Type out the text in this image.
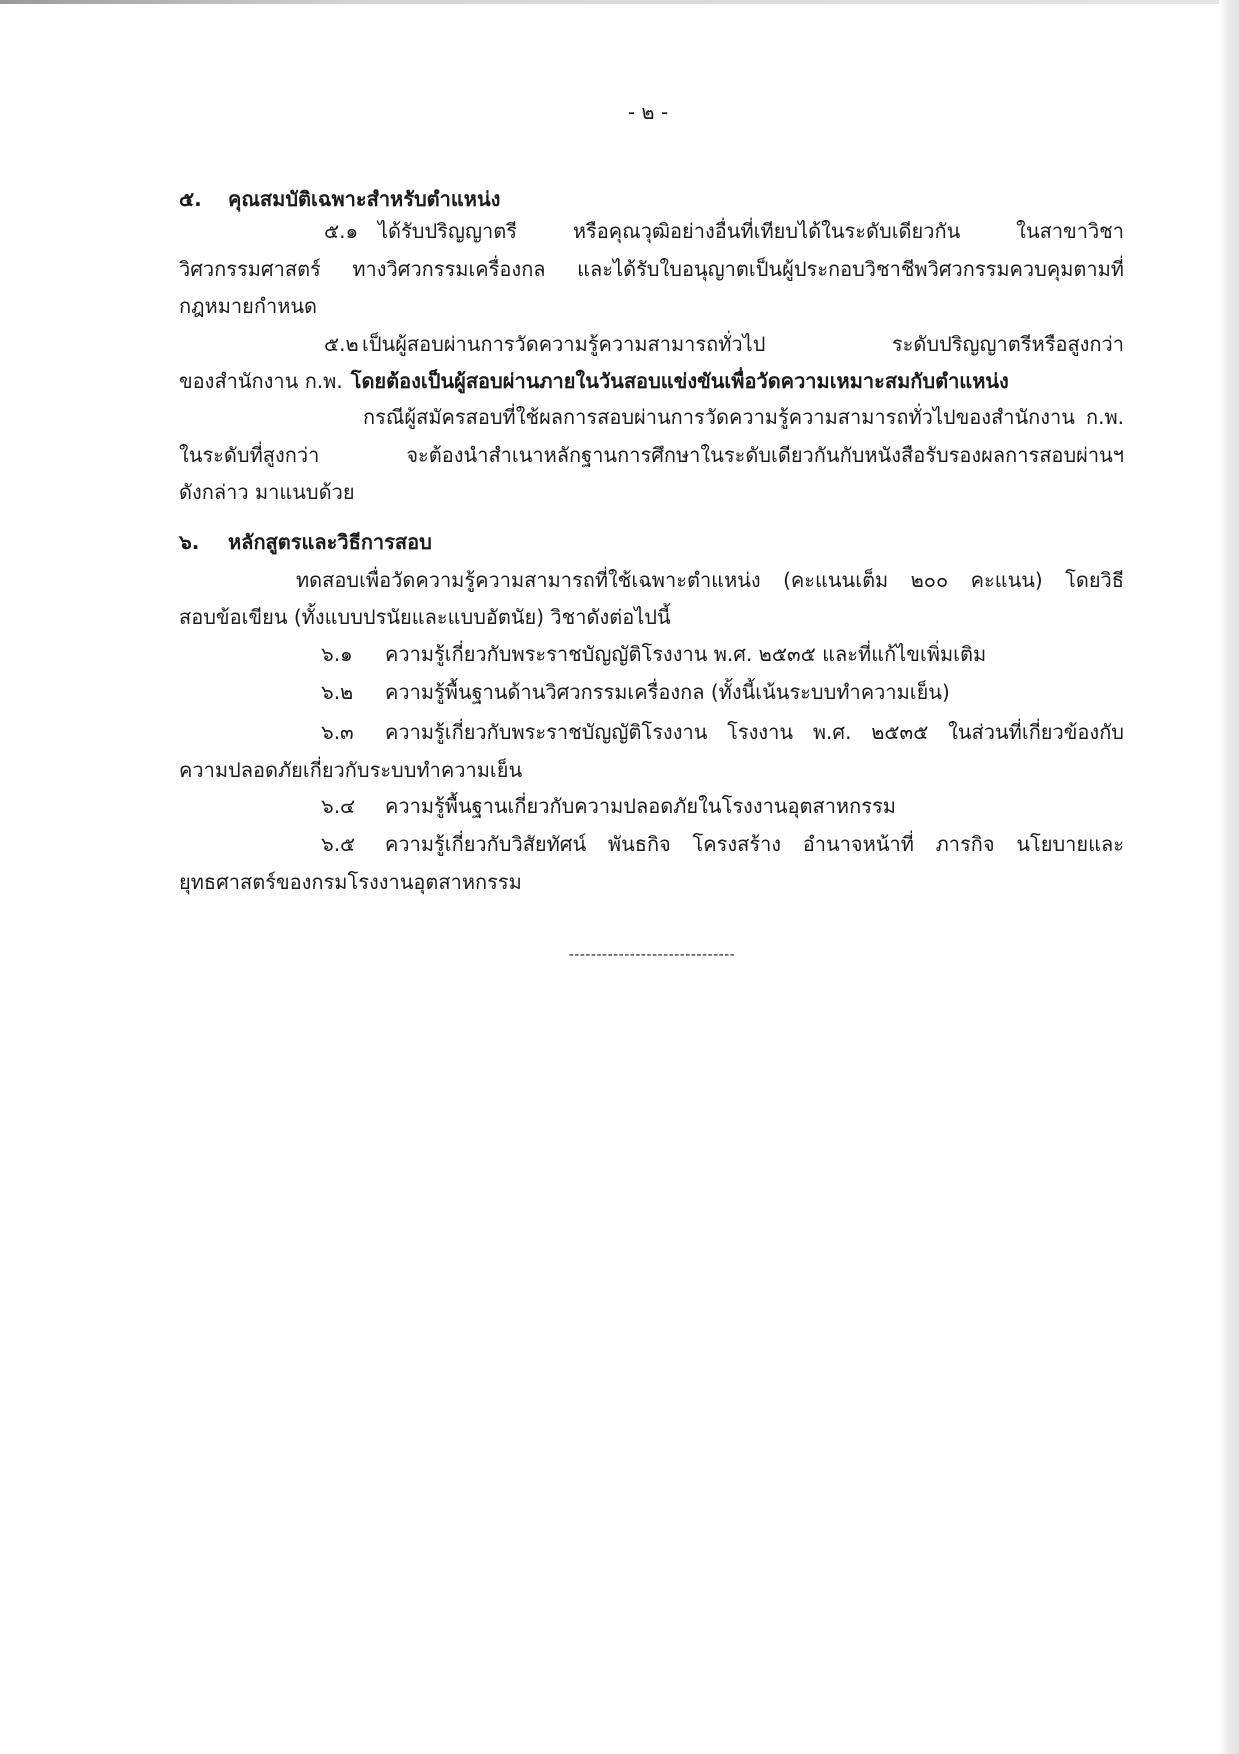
- ๒ -
๕. คุณสมบัติเฉพาะสำหรับตำแหน่ง
๕.๑ ได้รับปริญญาตรี หรือคุณวุฒิอย่างอื่นที่เทียบได้ในระดับเดียวกัน ในสาขาวิชา
วิศวกรรมศาสตร์ ทางวิศวกรรมเครื่องกล และได้รับใบอนุญาตเป็นผู้ประกอบวิชาชีพวิศวกรรมควบคุมตามที่
กฎหมายกำหนด
๕.๒ เป็นผู้สอบผ่านการวัดความรู้ความสามารถทั่วไป ระดับปริญญาตรีหรือสูงกว่า
ของสำนักงาน ก.พ. โดยต้องเป็นผู้สอบผ่านภายในวันสอบแข่งขันเพื่อวัดความเหมาะสมกับตำแหน่ง
กรณีผู้สมัครสอบที่ใช้ผลการสอบผ่านการวัดความรู้ความสามารถทั่วไปของสำนักงาน ก.พ.
ในระดับที่สูงกว่า จะต้องนำสำเนาหลักฐานการศึกษาในระดับเดียวกันกับหนังสือรับรองผลการสอบผ่านฯ
ดังกล่าว มาแนบด้วย
๖. หลักสูตรและวิธีการสอบ
ทดสอบเพื่อวัดความรู้ความสามารถที่ใช้เฉพาะตำแหน่ง (คะแนนเต็ม ๒๐๐ คะแนน) โดยวิธี
สอบข้อเขียน (ทั้งแบบปรนัยและแบบอัตนัย) วิชาดังต่อไปนี้
๖.๑ ความรู้เกี่ยวกับพระราชบัญญัติโรงงาน พ.ศ. ๒๕๓๕ และที่แก้ไขเพิ่มเติม
๖.๒ ความรู้พื้นฐานด้านวิศวกรรมเครื่องกล (ทั้งนี้เน้นระบบทำความเย็น)
๖.๓ ความรู้เกี่ยวกับพระราชบัญญัติโรงงาน โรงงาน พ.ศ. ๒๕๓๕ ในส่วนที่เกี่ยวข้องกับ
ความปลอดภัยเกี่ยวกับระบบทำความเย็น
๖.๔ ความรู้พื้นฐานเกี่ยวกับความปลอดภัยในโรงงานอุตสาหกรรม
๖.๕ ความรู้เกี่ยวกับวิสัยทัศน์ พันธกิจ โครงสร้าง อำนาจหน้าที่ ภารกิจ นโยบายและ
ยุทธศาสตร์ของกรมโรงงานอุตสาหกรรม
------------------------------
